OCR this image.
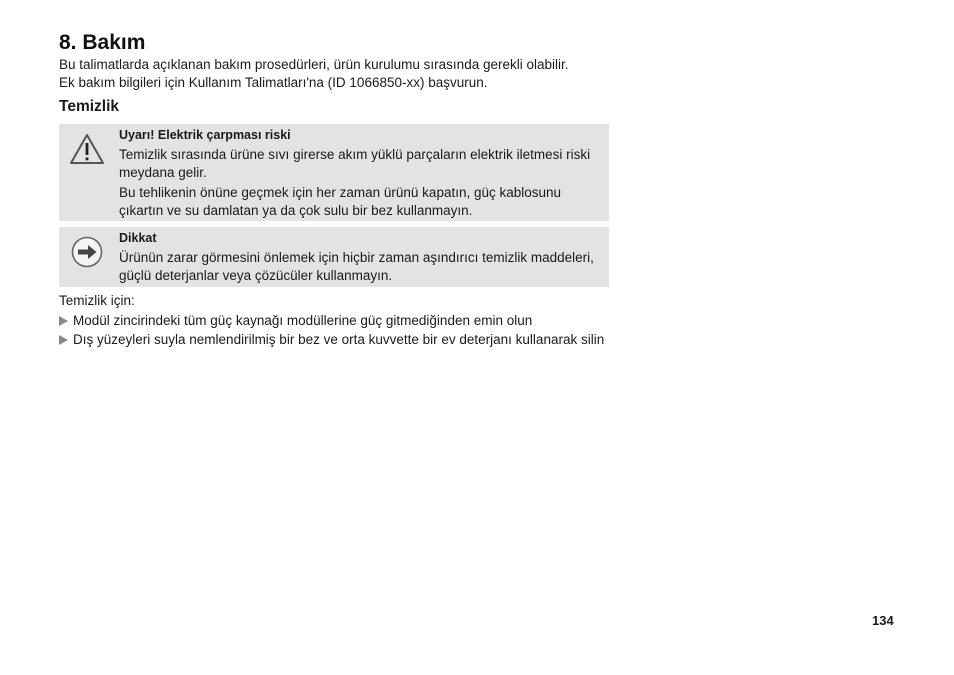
8. Bakım

Bu talimatlarda açıklanan bakım prosedürleri, ürün kurulumu sırasında gerekli olabilir.

Ek bakım bilgileri için Kullanım Talimatları'na (ID 1066850-xx) başvurun.

Temizlik
Uyarı! Elektrik çarpması riski

Temizlik sırasında ürüne sıvı girerse akım yüklü parçaların elektrik iletmesi riski meydana gelir.

Bu tehlikenin önüne geçmek için her zaman ürünü kapatın, güç kablosunu çıkartın ve su damlatan ya da çok sulu bir bez kullanmayın.

Dikkat

Ürünün zarar görmesini önlemek için hiçbir zaman aşındırıcı temizlik maddeleri, güçlü deterjanlar veya çözücüler kullanmayın.

Temizlik için:
Modül zincirindeki tüm güç kaynağı modüllerine güç gitmediğinden emin olun
Dış yüzeyleri suyla nemlendirilmiş bir bez ve orta kuvvette bir ev deterjanı kullanarak silin
134
